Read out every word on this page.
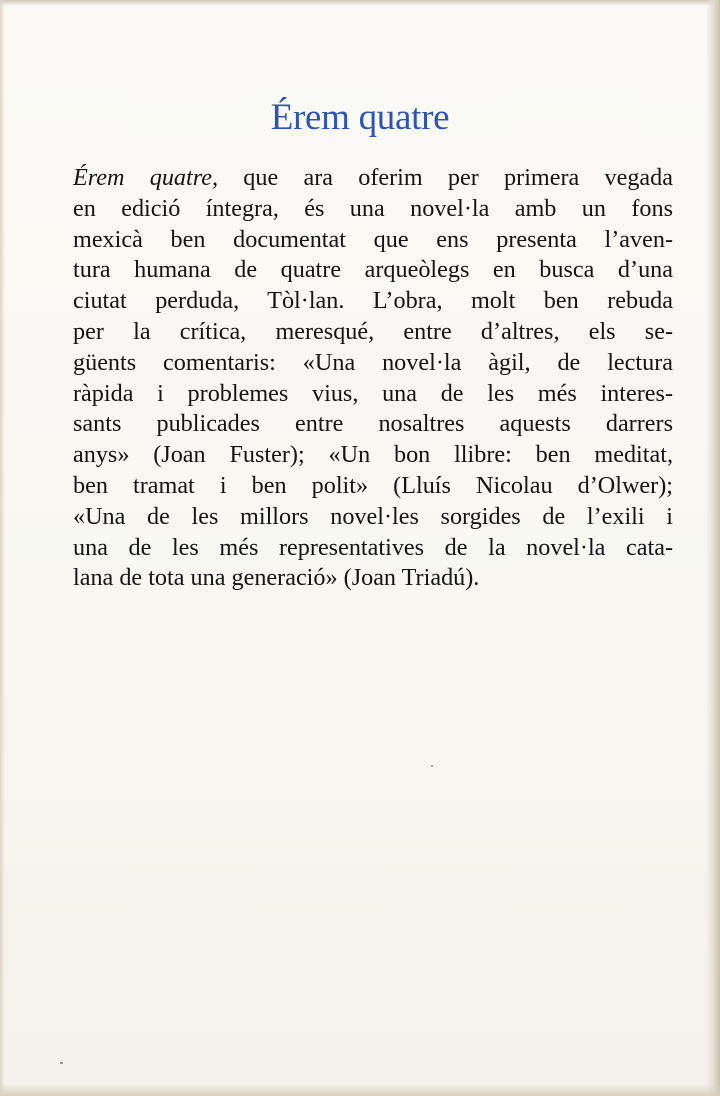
Érem quatre
Érem quatre, que ara oferim per primera vegada
en edició íntegra, és una novel·la amb un fons
mexicà ben documentat que ens presenta l’aven-
tura humana de quatre arqueòlegs en busca d’una
ciutat perduda, Tòl·lan. L’obra, molt ben rebuda
per la crítica, meresqué, entre d’altres, els se-
güents comentaris: «Una novel·la àgil, de lectura
ràpida i problemes vius, una de les més interes-
sants publicades entre nosaltres aquests darrers
anys» (Joan Fuster); «Un bon llibre: ben meditat,
ben tramat i ben polit» (Lluís Nicolau d’Olwer);
«Una de les millors novel·les sorgides de l’exili i
una de les més representatives de la novel·la cata-
lana de tota una generació» (Joan Triadú).
